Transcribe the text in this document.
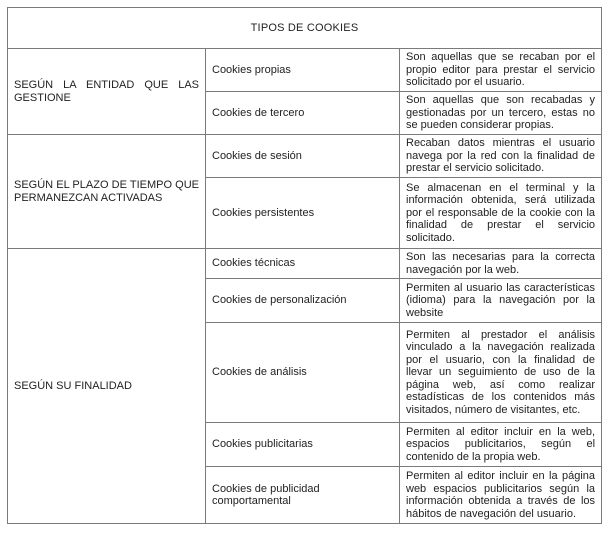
TIPOS DE COOKIES		

SEGÚN LA ENTIDAD QUE LAS GESTIONE	Cookies propias	Son aquellas que se recaban por el propio editor para prestar el servicio solicitado por el usuario.
	Cookies de tercero	Son aquellas que son recabadas y gestionadas por un tercero, estas no se pueden considerar propias.

SEGÚN EL PLAZO DE TIEMPO QUE PERMANEZCAN ACTIVADAS	Cookies de sesión	Recaban datos mientras el usuario navega por la red con la finalidad de prestar el servicio solicitado.
	Cookies persistentes	Se almacenan en el terminal y la información obtenida, será utilizada por el responsable de la cookie con la finalidad de prestar el servicio solicitado.

SEGÚN SU FINALIDAD	Cookies técnicas	Son las necesarias para la correcta navegación por la web.
	Cookies de personalización	Permiten al usuario las características (idioma) para la navegación por la website
	Cookies de análisis	Permiten al prestador el análisis vinculado a la navegación realizada por el usuario, con la finalidad de llevar un seguimiento de uso de la página web, así como realizar estadísticas de los contenidos más visitados, número de visitantes, etc.
	Cookies publicitarias	Permiten al editor incluir en la web, espacios publicitarios, según el contenido de la propia web.
	Cookies de publicidad comportamental	Permiten al editor incluir en la página web espacios publicitarios según la información obtenida a través de los hábitos de navegación del usuario.
